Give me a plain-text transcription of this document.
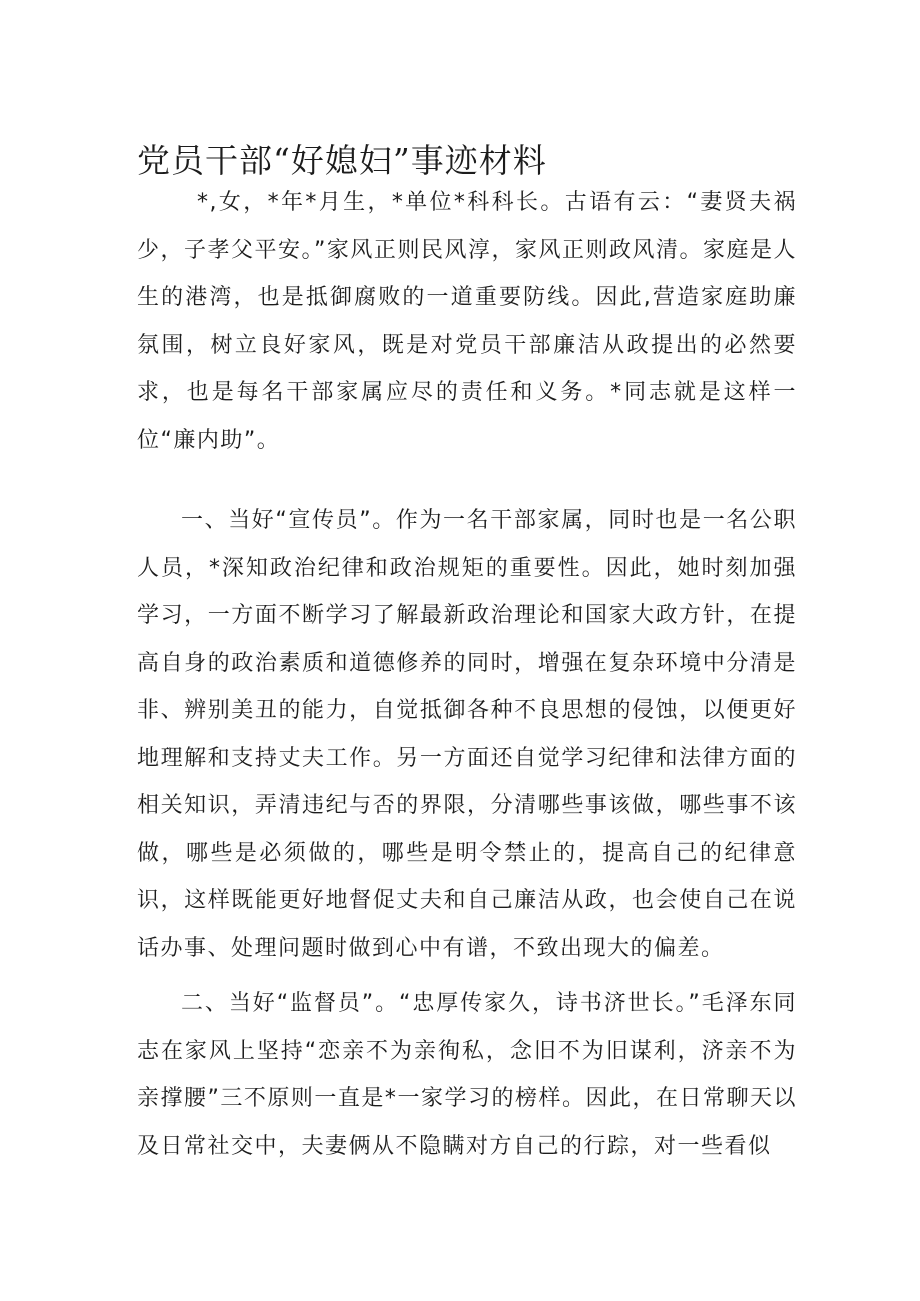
党员干部“好媳妇”事迹材料

*,女，*年*月生，*单位*科科长。古语有云：“妻贤夫祸少，子孝父平安。”家风正则民风淳，家风正则政风清。家庭是人生的港湾，也是抵御腐败的一道重要防线。因此,营造家庭助廉氛围，树立良好家风，既是对党员干部廉洁从政提出的必然要求，也是每名干部家属应尽的责任和义务。*同志就是这样一位“廉内助”。

一、当好“宣传员”。作为一名干部家属，同时也是一名公职人员，*深知政治纪律和政治规矩的重要性。因此，她时刻加强学习，一方面不断学习了解最新政治理论和国家大政方针，在提高自身的政治素质和道德修养的同时，增强在复杂环境中分清是非、辨别美丑的能力，自觉抵御各种不良思想的侵蚀，以便更好地理解和支持丈夫工作。另一方面还自觉学习纪律和法律方面的相关知识，弄清违纪与否的界限，分清哪些事该做，哪些事不该做，哪些是必须做的，哪些是明令禁止的，提高自己的纪律意识，这样既能更好地督促丈夫和自己廉洁从政，也会使自己在说话办事、处理问题时做到心中有谱，不致出现大的偏差。

二、当好“监督员”。“忠厚传家久，诗书济世长。”毛泽东同志在家风上坚持“恋亲不为亲徇私，念旧不为旧谋利，济亲不为亲撑腰”三不原则一直是*一家学习的榜样。因此，在日常聊天以及日常社交中，夫妻俩从不隐瞒对方自己的行踪，对一些看似
